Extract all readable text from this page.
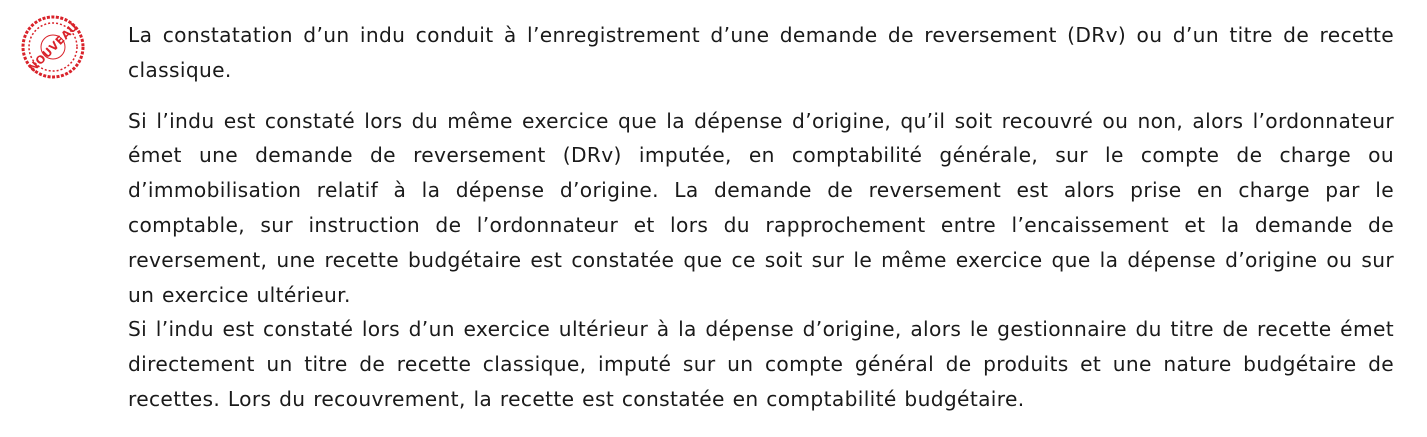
NOUVEAU La constatation d’un indu conduit à l’enregistrement d’une demande de reversement (DRv) ou d’un titre de recette classique.

Si l’indu est constaté lors du même exercice que la dépense d’origine, qu’il soit recouvré ou non, alors l’ordonnateur émet une demande de reversement (DRv) imputée, en comptabilité générale, sur le compte de charge ou d’immobilisation relatif à la dépense d’origine. La demande de reversement est alors prise en charge par le comptable, sur instruction de l’ordonnateur et lors du rapprochement entre l’encaissement et la demande de reversement, une recette budgétaire est constatée que ce soit sur le même exercice que la dépense d’origine ou sur un exercice ultérieur.

Si l’indu est constaté lors d’un exercice ultérieur à la dépense d’origine, alors le gestionnaire du titre de recette émet directement un titre de recette classique, imputé sur un compte général de produits et une nature budgétaire de recettes. Lors du recouvrement, la recette est constatée en comptabilité budgétaire.
